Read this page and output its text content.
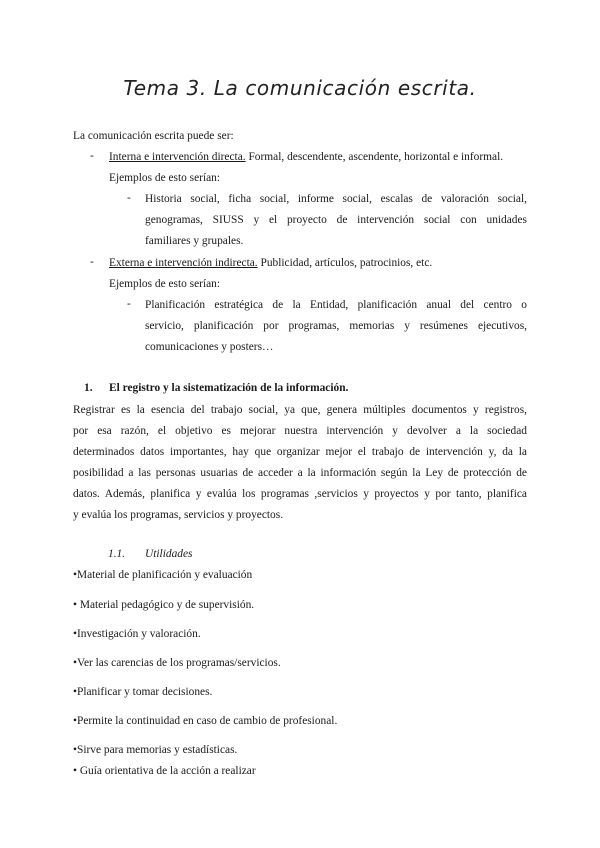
Tema 3. La comunicación escrita.
La comunicación escrita puede ser:
- Interna e intervención directa. Formal, descendente, ascendente, horizontal e informal.
Ejemplos de esto serían:
- Historia social, ficha social, informe social, escalas de valoración social,
genogramas, SIUSS y el proyecto de intervención social con unidades
familiares y grupales.
- Externa e intervención indirecta. Publicidad, artículos, patrocinios, etc.
Ejemplos de esto serían:
- Planificación estratégica de la Entidad, planificación anual del centro o
servicio, planificación por programas, memorias y resúmenes ejecutivos,
comunicaciones y posters…
1. El registro y la sistematización de la información.
Registrar es la esencia del trabajo social, ya que, genera múltiples documentos y registros,
por esa razón, el objetivo es mejorar nuestra intervención y devolver a la sociedad
determinados datos importantes, hay que organizar mejor el trabajo de intervención y, da la
posibilidad a las personas usuarias de acceder a la información según la Ley de protección de
datos. Además, planifica y evalúa los programas ,servicios y proyectos y por tanto, planifica
y evalúa los programas, servicios y proyectos.
1.1. Utilidades
•Material de planificación y evaluación
• Material pedagógico y de supervisión.
•Investigación y valoración.
•Ver las carencias de los programas/servicios.
•Planificar y tomar decisiones.
•Permite la continuidad en caso de cambio de profesional.
•Sirve para memorias y estadísticas.
• Guía orientativa de la acción a realizar
